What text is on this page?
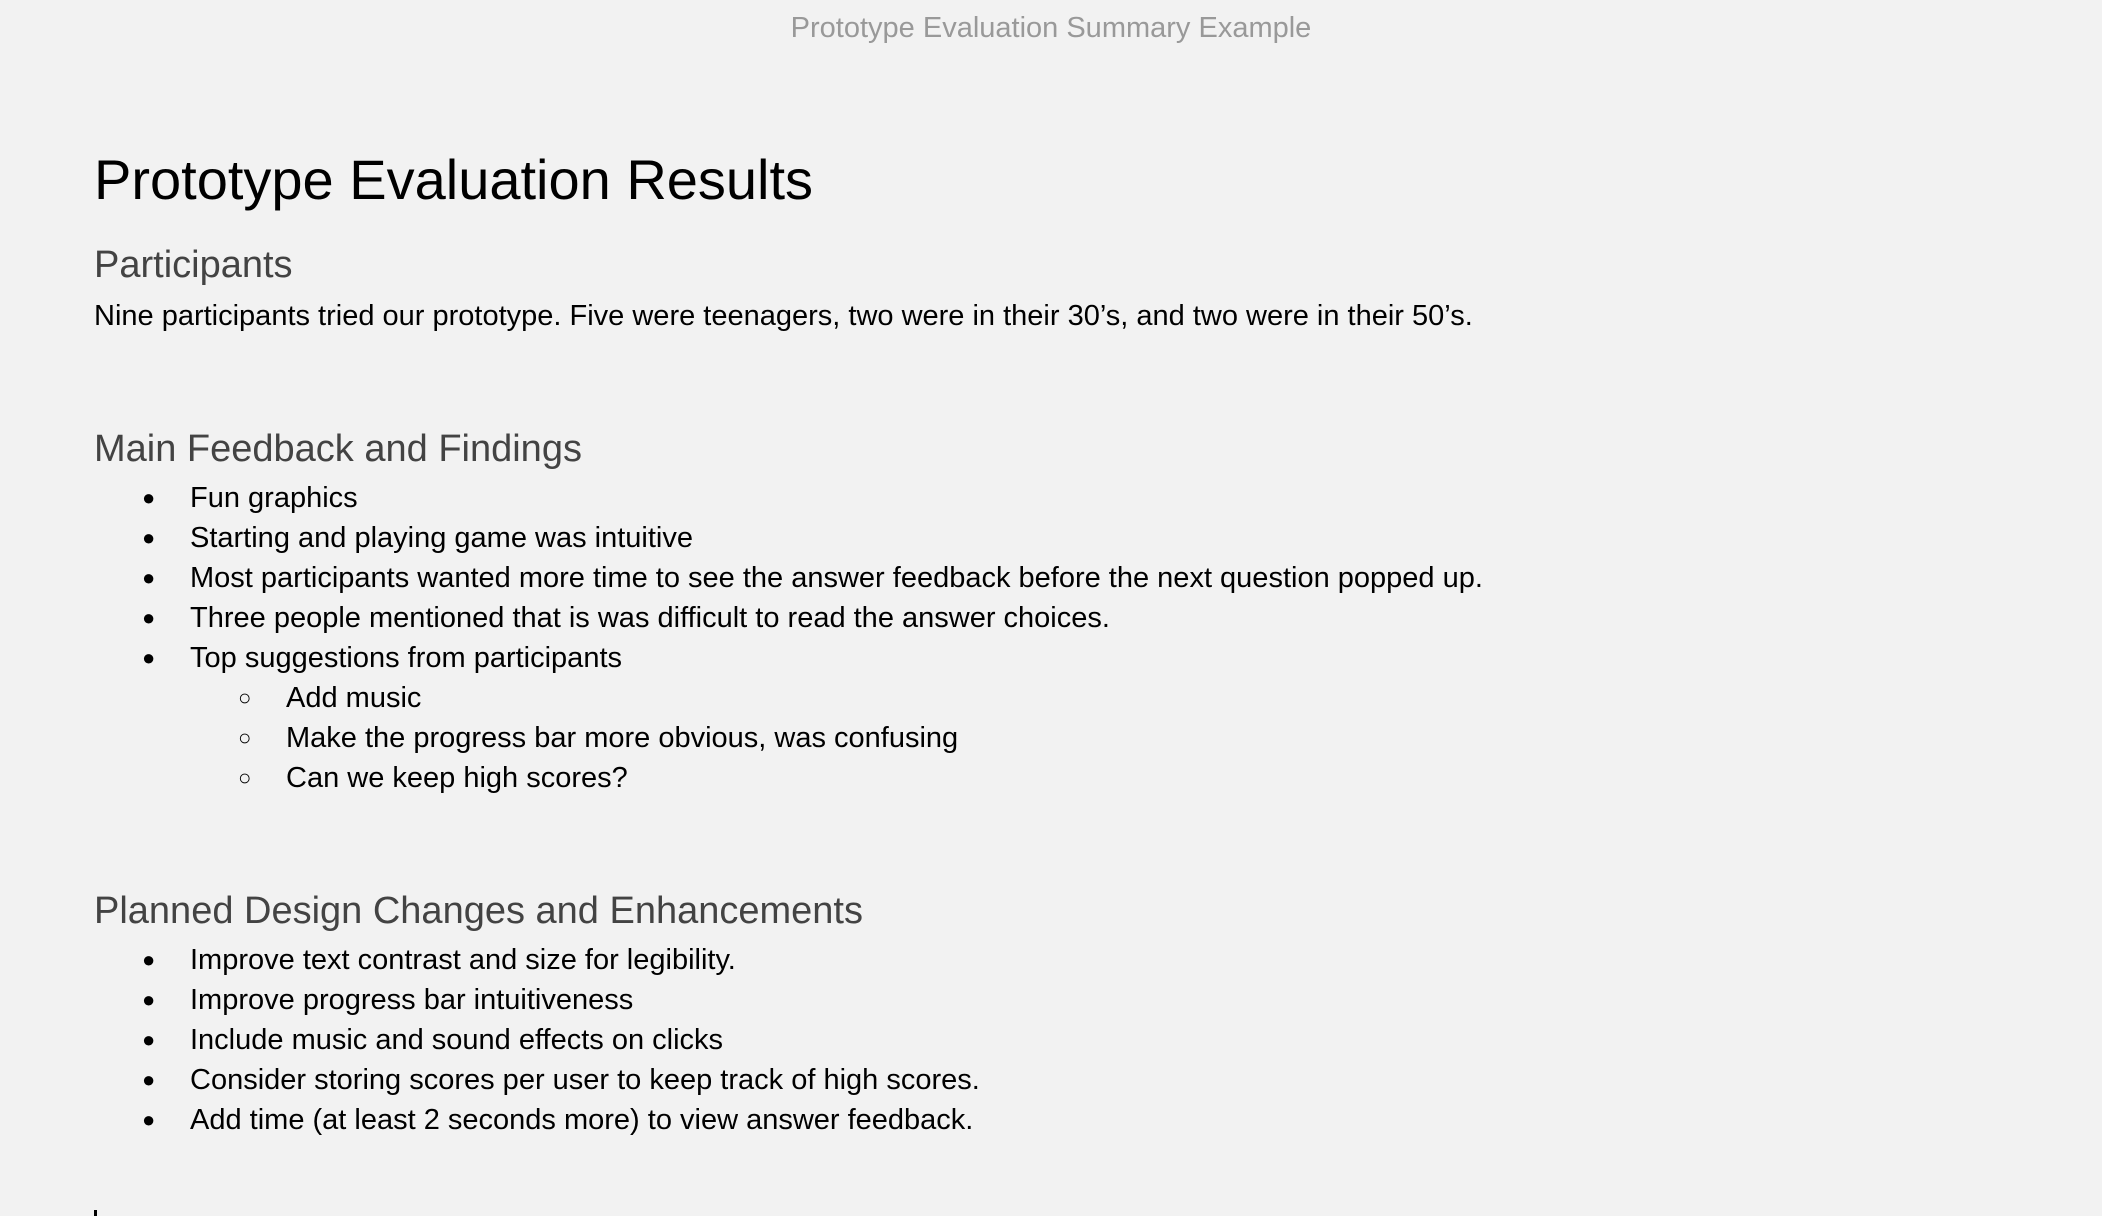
Prototype Evaluation Summary Example
Prototype Evaluation Results
Participants

Nine participants tried our prototype. Five were teenagers, two were in their 30’s, and two were in their 50’s.

Main Feedback and Findings
●	Fun graphics
●	Starting and playing game was intuitive
●	Most participants wanted more time to see the answer feedback before the next question popped up.
●	Three people mentioned that is was difficult to read the answer choices.
●	Top suggestions from participants
○ Add music
○ Make the progress bar more obvious, was confusing
○ Can we keep high scores?
Planned Design Changes and Enhancements
●	Improve text contrast and size for legibility.
●	Improve progress bar intuitiveness
●	Include music and sound effects on clicks
●	Consider storing scores per user to keep track of high scores.
●	Add time (at least 2 seconds more) to view answer feedback.
